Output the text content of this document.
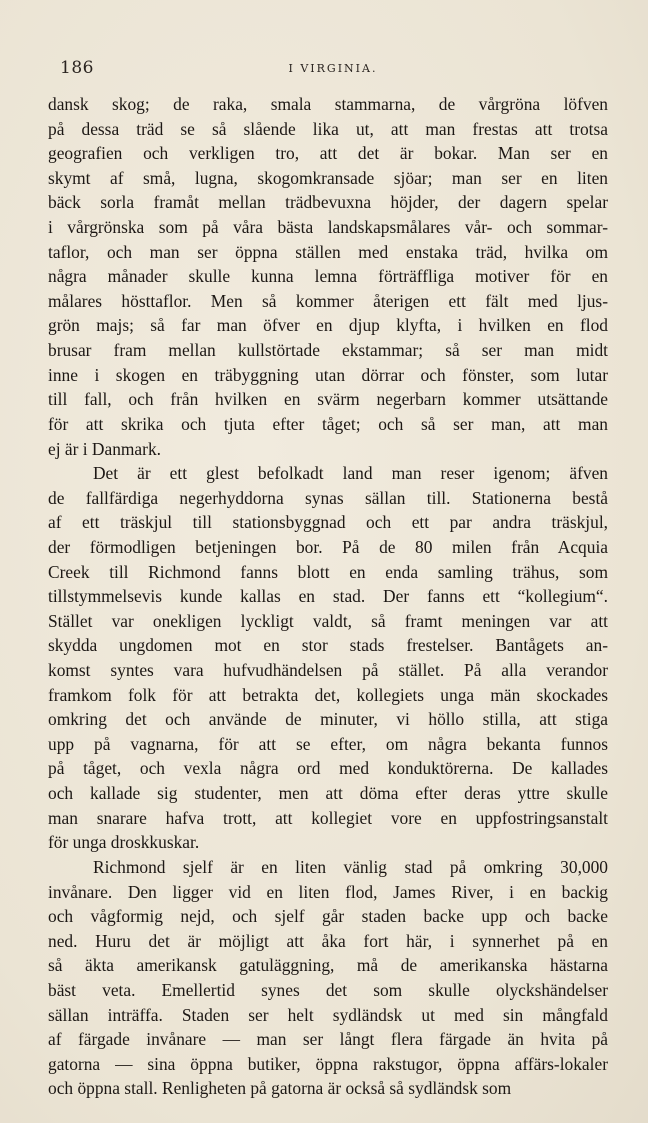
186	I VIRGINIA.
dansk skog; de raka, smala stammarna, de vårgröna löfven
på dessa träd se så slående lika ut, att man frestas att trotsa
geografien och verkligen tro, att det är bokar. Man ser en
skymt af små, lugna, skogomkransade sjöar; man ser en liten
bäck sorla framåt mellan trädbevuxna höjder, der dagern spelar
i vårgrönska som på våra bästa landskapsmålares vår- och sommar-
taflor, och man ser öppna ställen med enstaka träd, hvilka om
några månader skulle kunna lemna förträffliga motiver för en
målares hösttaflor. Men så kommer återigen ett fält med ljus-
grön majs; så far man öfver en djup klyfta, i hvilken en flod
brusar fram mellan kullstörtade ekstammar; så ser man midt
inne i skogen en träbyggning utan dörrar och fönster, som lutar
till fall, och från hvilken en svärm negerbarn kommer utsättande
för att skrika och tjuta efter tåget; och så ser man, att man
ej är i Danmark.
Det är ett glest befolkadt land man reser igenom; äfven
de fallfärdiga negerhyddorna synas sällan till. Stationerna bestå
af ett träskjul till stationsbyggnad och ett par andra träskjul,
der förmodligen betjeningen bor. På de 80 milen från Acquia
Creek till Richmond fanns blott en enda samling trähus, som
tillstymmelsevis kunde kallas en stad. Der fanns ett “kollegium“.
Stället var onekligen lyckligt valdt, så framt meningen var att
skydda ungdomen mot en stor stads frestelser. Bantågets an-
komst syntes vara hufvudhändelsen på stället. På alla verandor
framkom folk för att betrakta det, kollegiets unga män skockades
omkring det och använde de minuter, vi höllo stilla, att stiga
upp på vagnarna, för att se efter, om några bekanta funnos
på tåget, och vexla några ord med konduktörerna. De kallades
och kallade sig studenter, men att döma efter deras yttre skulle
man snarare hafva trott, att kollegiet vore en uppfostringsanstalt
för unga droskkuskar.
Richmond sjelf är en liten vänlig stad på omkring 30,000
invånare. Den ligger vid en liten flod, James River, i en backig
och vågformig nejd, och sjelf går staden backe upp och backe
ned. Huru det är möjligt att åka fort här, i synnerhet på en
så äkta amerikansk gatuläggning, må de amerikanska hästarna
bäst veta. Emellertid synes det som skulle olyckshändelser
sällan inträffa. Staden ser helt sydländsk ut med sin mångfald
af färgade invånare — man ser långt flera färgade än hvita på
gatorna — sina öppna butiker, öppna rakstugor, öppna affärs-lokaler
och öppna stall. Renligheten på gatorna är också så sydländsk som
